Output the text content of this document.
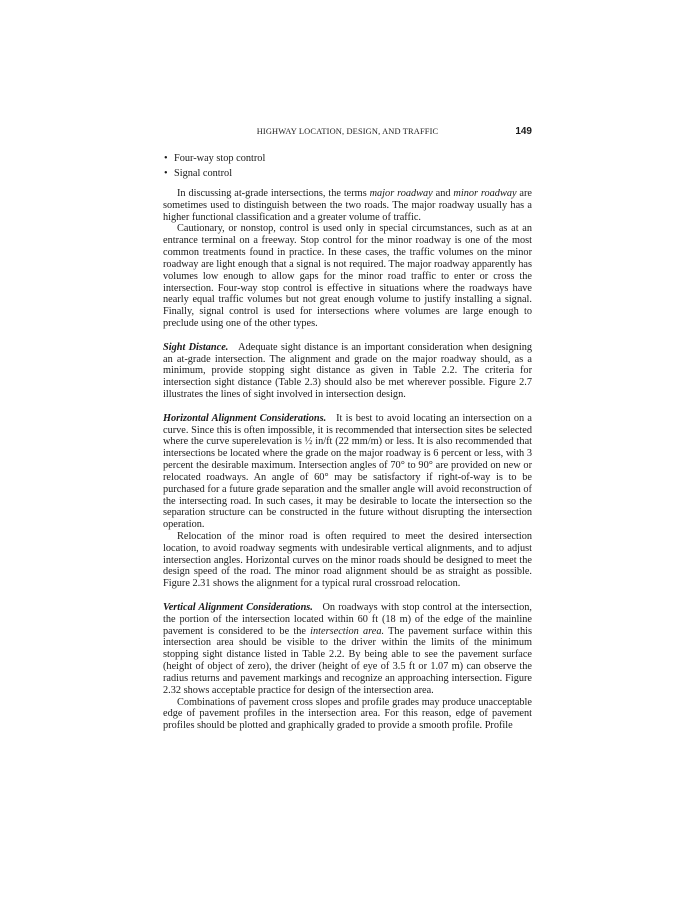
HIGHWAY LOCATION, DESIGN, AND TRAFFIC	149
• Four-way stop control
• Signal control

In discussing at-grade intersections, the terms major roadway and minor roadway are sometimes used to distinguish between the two roads. The major roadway usually has a higher functional classification and a greater volume of traffic.

Cautionary, or nonstop, control is used only in special circumstances, such as at an entrance terminal on a freeway. Stop control for the minor roadway is one of the most common treatments found in practice. In these cases, the traffic volumes on the minor roadway are light enough that a signal is not required. The major roadway apparently has volumes low enough to allow gaps for the minor road traffic to enter or cross the intersection. Four-way stop control is effective in situations where the roadways have nearly equal traffic volumes but not great enough volume to justify installing a signal. Finally, signal control is used for intersections where volumes are large enough to preclude using one of the other types.

Sight Distance. Adequate sight distance is an important consideration when designing an at-grade intersection. The alignment and grade on the major roadway should, as a minimum, provide stopping sight distance as given in Table 2.2. The criteria for intersection sight distance (Table 2.3) should also be met wherever possible. Figure 2.7 illustrates the lines of sight involved in intersection design.

Horizontal Alignment Considerations. It is best to avoid locating an intersection on a curve. Since this is often impossible, it is recommended that intersection sites be selected where the curve superelevation is ½ in/ft (22 mm/m) or less. It is also recommended that intersections be located where the grade on the major roadway is 6 percent or less, with 3 percent the desirable maximum. Intersection angles of 70° to 90° are provided on new or relocated roadways. An angle of 60° may be satisfactory if right-of-way is to be purchased for a future grade separation and the smaller angle will avoid reconstruction of the intersecting road. In such cases, it may be desirable to locate the intersection so the separation structure can be constructed in the future without disrupting the intersection operation.

Relocation of the minor road is often required to meet the desired intersection location, to avoid roadway segments with undesirable vertical alignments, and to adjust intersection angles. Horizontal curves on the minor roads should be designed to meet the design speed of the road. The minor road alignment should be as straight as possible. Figure 2.31 shows the alignment for a typical rural crossroad relocation.

Vertical Alignment Considerations. On roadways with stop control at the intersection, the portion of the intersection located within 60 ft (18 m) of the edge of the mainline pavement is considered to be the intersection area. The pavement surface within this intersection area should be visible to the driver within the limits of the minimum stopping sight distance listed in Table 2.2. By being able to see the pavement surface (height of object of zero), the driver (height of eye of 3.5 ft or 1.07 m) can observe the radius returns and pavement markings and recognize an approaching intersection. Figure 2.32 shows acceptable practice for design of the intersection area.

Combinations of pavement cross slopes and profile grades may produce unacceptable edge of pavement profiles in the intersection area. For this reason, edge of pavement profiles should be plotted and graphically graded to provide a smooth profile. Profile
